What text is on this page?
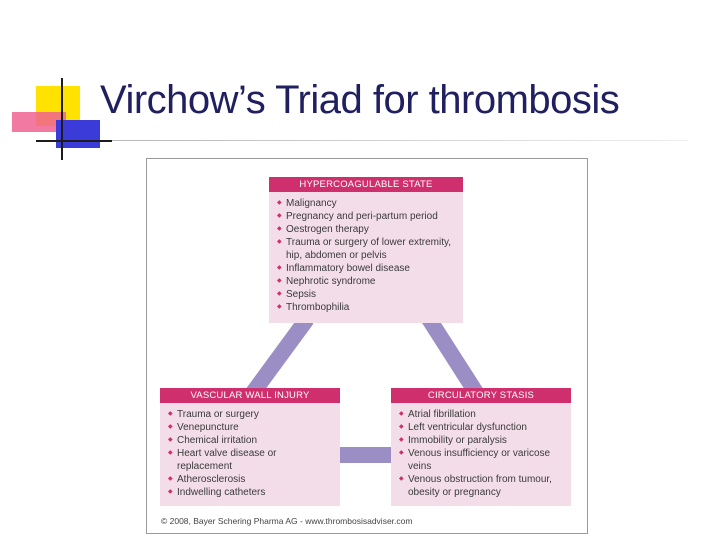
Virchow’s Triad for thrombosis
HYPERCOAGULABLE STATE
◆ Malignancy
◆ Pregnancy and peri-partum period
◆ Oestrogen therapy
◆ Trauma or surgery of lower extremity, hip, abdomen or pelvis
◆ Inflammatory bowel disease
◆ Nephrotic syndrome
◆ Sepsis
◆ Thrombophilia
VASCULAR WALL INJURY
◆ Trauma or surgery
◆ Venepuncture
◆ Chemical irritation
◆ Heart valve disease or replacement
◆ Atherosclerosis
◆ Indwelling catheters
CIRCULATORY STASIS
◆ Atrial fibrillation
◆ Left ventricular dysfunction
◆ Immobility or paralysis
◆ Venous insufficiency or varicose veins
◆ Venous obstruction from tumour, obesity or pregnancy
© 2008, Bayer Schering Pharma AG - www.thrombosisadviser.com
